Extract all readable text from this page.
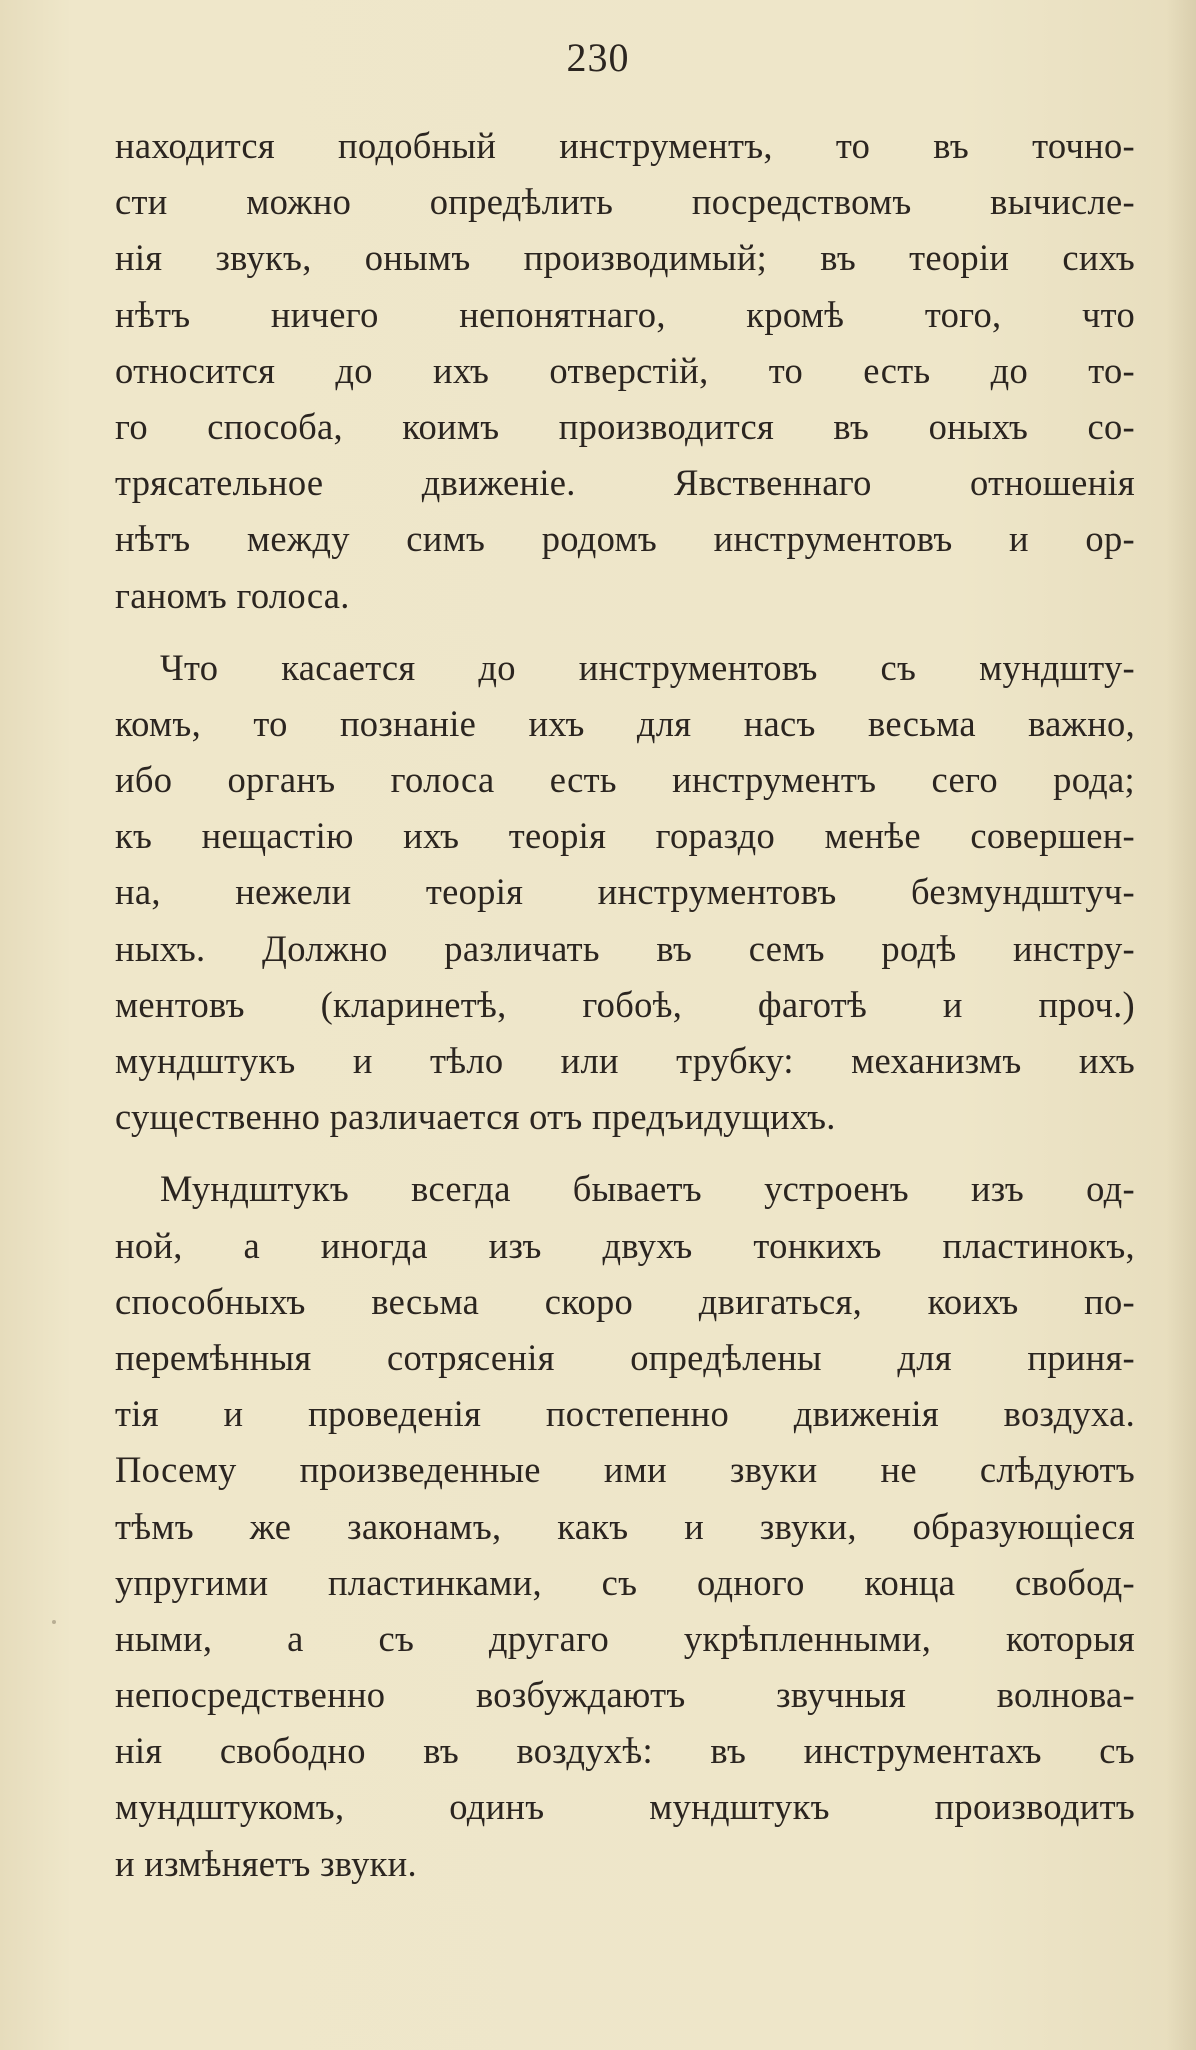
230
находится подобный инструментъ, то въ точно-
сти можно опредѣлить посредствомъ вычисле-
нія звукъ, онымъ производимый; въ теоріи сихъ
нѣтъ ничего непонятнаго, кромѣ того, что
относится до ихъ отверстій, то есть до то-
го способа, коимъ производится въ оныхъ со-
трясательное движеніе. Явственнаго отношенія
нѣтъ между симъ родомъ инструментовъ и ор-
ганомъ голоса.
Что касается до инструментовъ съ мундшту-
комъ, то познаніе ихъ для насъ весьма важно,
ибо органъ голоса есть инструментъ сего рода;
къ нещастію ихъ теорія гораздо менѣе совершен-
на, нежели теорія инструментовъ безмундштуч-
ныхъ. Должно различать въ семъ родѣ инстру-
ментовъ (кларинетѣ, гобоѣ, фаготѣ и проч.)
мундштукъ и тѣло или трубку: механизмъ ихъ
существенно различается отъ предъидущихъ.
Мундштукъ всегда бываетъ устроенъ изъ од-
ной, а иногда изъ двухъ тонкихъ пластинокъ,
способныхъ весьма скоро двигаться, коихъ по-
перемѣнныя сотрясенія опредѣлены для приня-
тія и проведенія постепенно движенія воздуха.
Посему произведенные ими звуки не слѣдуютъ
тѣмъ же законамъ, какъ и звуки, образующіеся
упругими пластинками, съ одного конца свобод-
ными, а съ другаго укрѣпленными, которыя
непосредственно возбуждаютъ звучныя волнова-
нія свободно въ воздухѣ: въ инструментахъ съ
мундштукомъ, одинъ мундштукъ производитъ
и измѣняетъ звуки.
